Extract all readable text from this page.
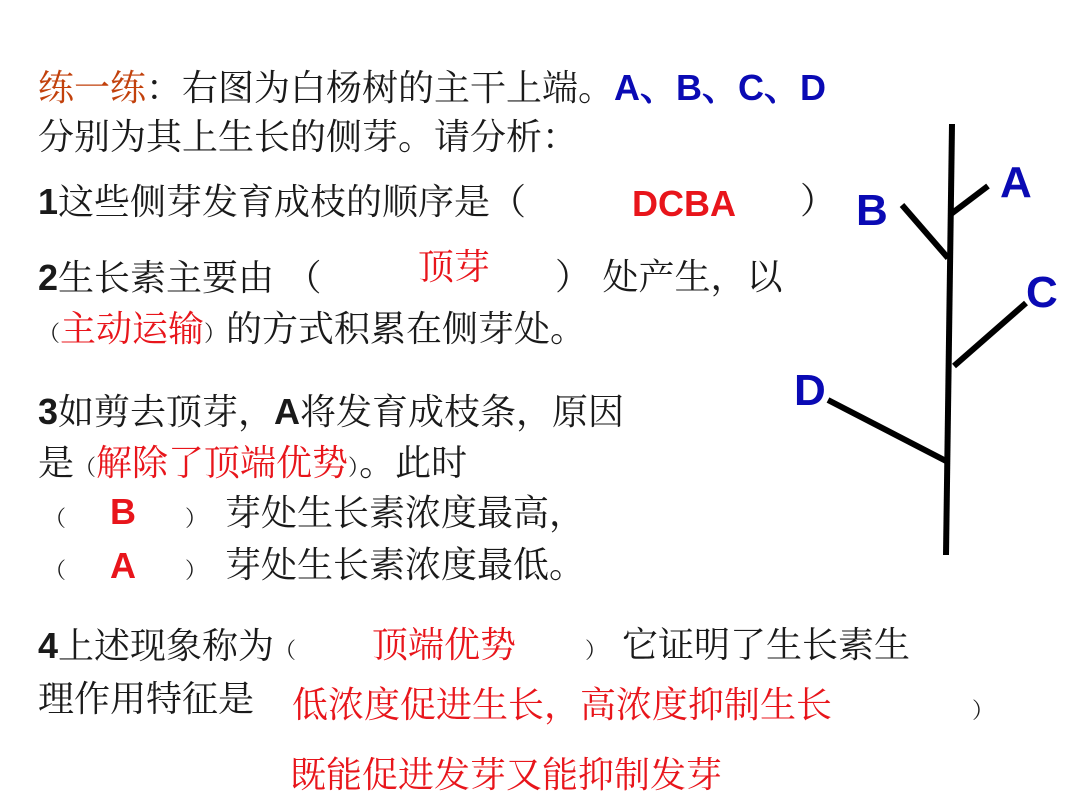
练一练：右图为白杨树的主干上端。A、B、C、D
分别为其上生长的侧芽。请分析：
1这些侧芽发育成枝的顺序是（	DCBA ）
2生长素主要由 （	顶芽 ） 处产生，以
（主动运输）的方式积累在侧芽处。
3如剪去顶芽，A将发育成枝条，原因
是（解除了顶端优势）。此时
（ B ） 芽处生长素浓度最高，
（ A ） 芽处生长素浓度最低。
4上述现象称为（ 顶端优势	） 它证明了生长素生
理作用特征是 低浓度促进生长，高浓度抑制生长	）
既能促进发芽又能抑制发芽
A
B
C
D
